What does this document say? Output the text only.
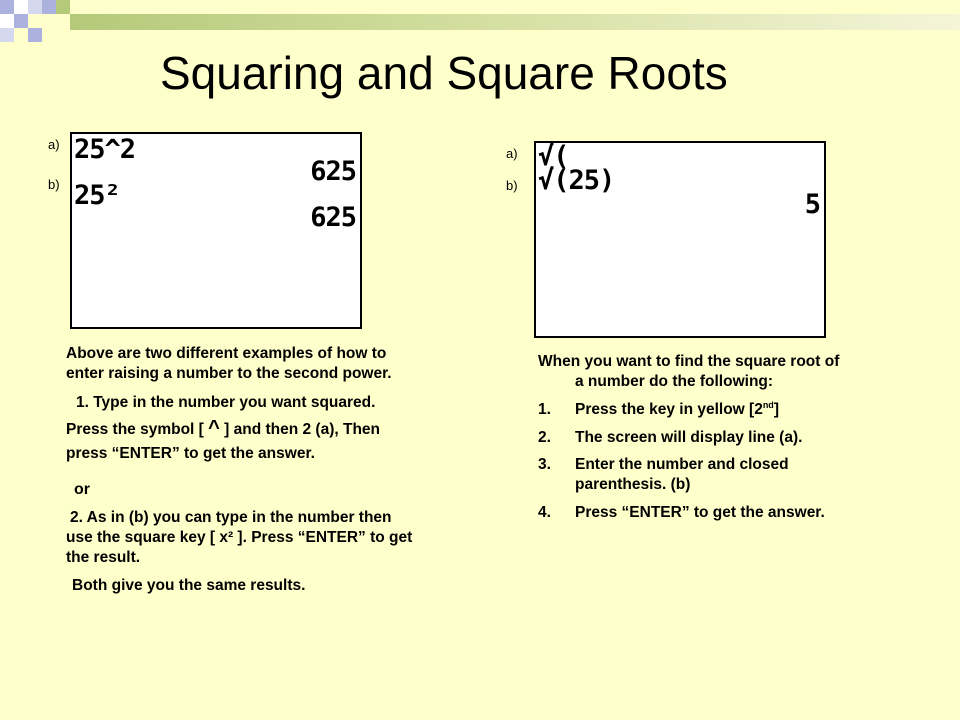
Squaring and Square Roots
a)
b)
25^2
625
25²
625
a)
b)
√(
√(25)
5

Above are two different examples of how to enter raising a number to the second power.

1. Type in the number you want squared. Press the symbol [ ^ ] and then 2 (a), Then press “ENTER” to get the answer.

or

2. As in (b) you can type in the number then use the square key [ x² ]. Press “ENTER” to get the result.

Both give you the same results.

When you want to find the square root of a number do the following:

1. Press the key in yellow [2nd]
2. The screen will display line (a).
3. Enter the number and closed parenthesis. (b)
4. Press “ENTER” to get the answer.
